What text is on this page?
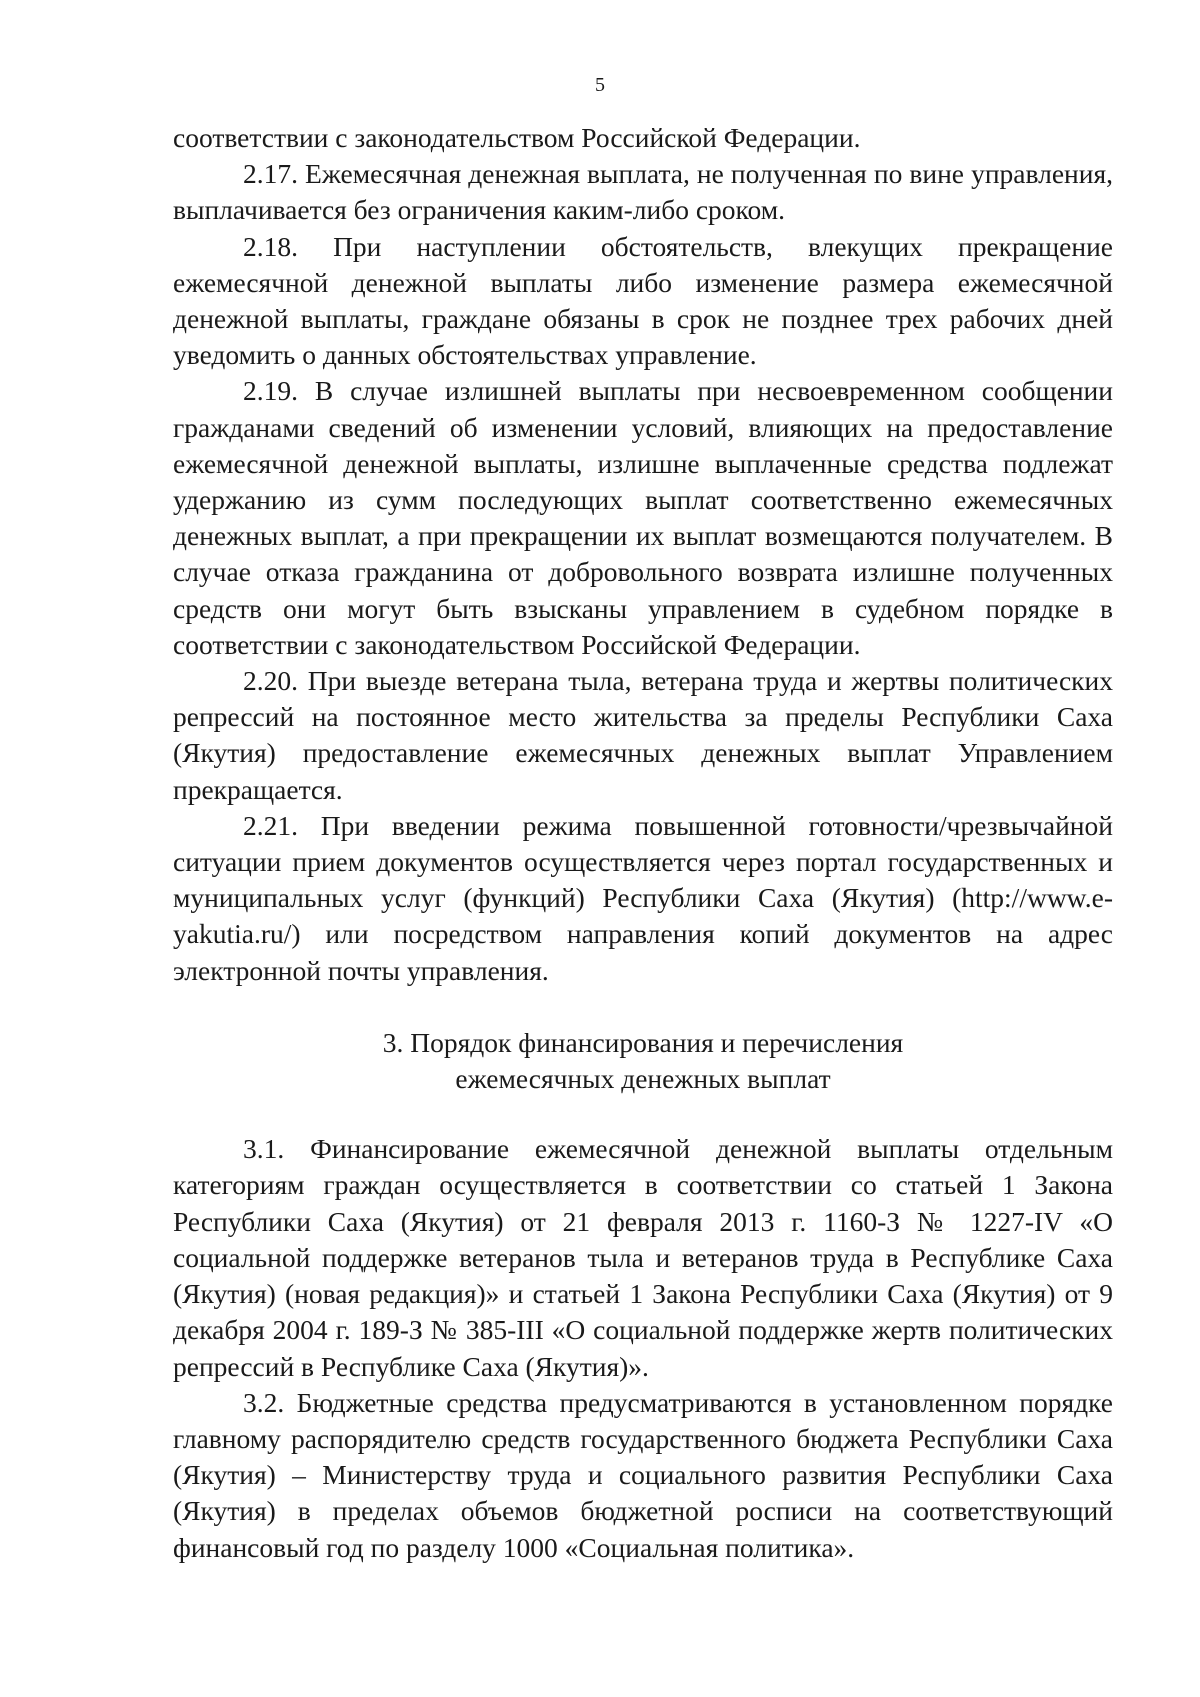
5

соответствии с законодательством Российской Федерации.

2.17. Ежемесячная денежная выплата, не полученная по вине управления, выплачивается без ограничения каким-либо сроком.

2.18. При наступлении обстоятельств, влекущих прекращение ежемесячной денежной выплаты либо изменение размера ежемесячной денежной выплаты, граждане обязаны в срок не позднее трех рабочих дней уведомить о данных обстоятельствах управление.

2.19. В случае излишней выплаты при несвоевременном сообщении гражданами сведений об изменении условий, влияющих на предоставление ежемесячной денежной выплаты, излишне выплаченные средства подлежат удержанию из сумм последующих выплат соответственно ежемесячных денежных выплат, а при прекращении их выплат возмещаются получателем. В случае отказа гражданина от добровольного возврата излишне полученных средств они могут быть взысканы управлением в судебном порядке в соответствии с законодательством Российской Федерации.

2.20. При выезде ветерана тыла, ветерана труда и жертвы политических репрессий на постоянное место жительства за пределы Республики Саха (Якутия) предоставление ежемесячных денежных выплат Управлением прекращается.

2.21. При введении режима повышенной готовности/чрезвычайной ситуации прием документов осуществляется через портал государственных и муниципальных услуг (функций) Республики Саха (Якутия) (http://www.e-yakutia.ru/) или посредством направления копий документов на адрес электронной почты управления.

3. Порядок финансирования и перечисления
ежемесячных денежных выплат

3.1. Финансирование ежемесячной денежной выплаты отдельным категориям граждан осуществляется в соответствии со статьей 1 Закона Республики Саха (Якутия) от 21 февраля 2013 г. 1160-З № 1227-IV «О социальной поддержке ветеранов тыла и ветеранов труда в Республике Саха (Якутия) (новая редакция)» и статьей 1 Закона Республики Саха (Якутия) от 9 декабря 2004 г. 189-З № 385-III «О социальной поддержке жертв политических репрессий в Республике Саха (Якутия)».

3.2. Бюджетные средства предусматриваются в установленном порядке главному распорядителю средств государственного бюджета Республики Саха (Якутия) – Министерству труда и социального развития Республики Саха (Якутия) в пределах объемов бюджетной росписи на соответствующий финансовый год по разделу 1000 «Социальная политика».
